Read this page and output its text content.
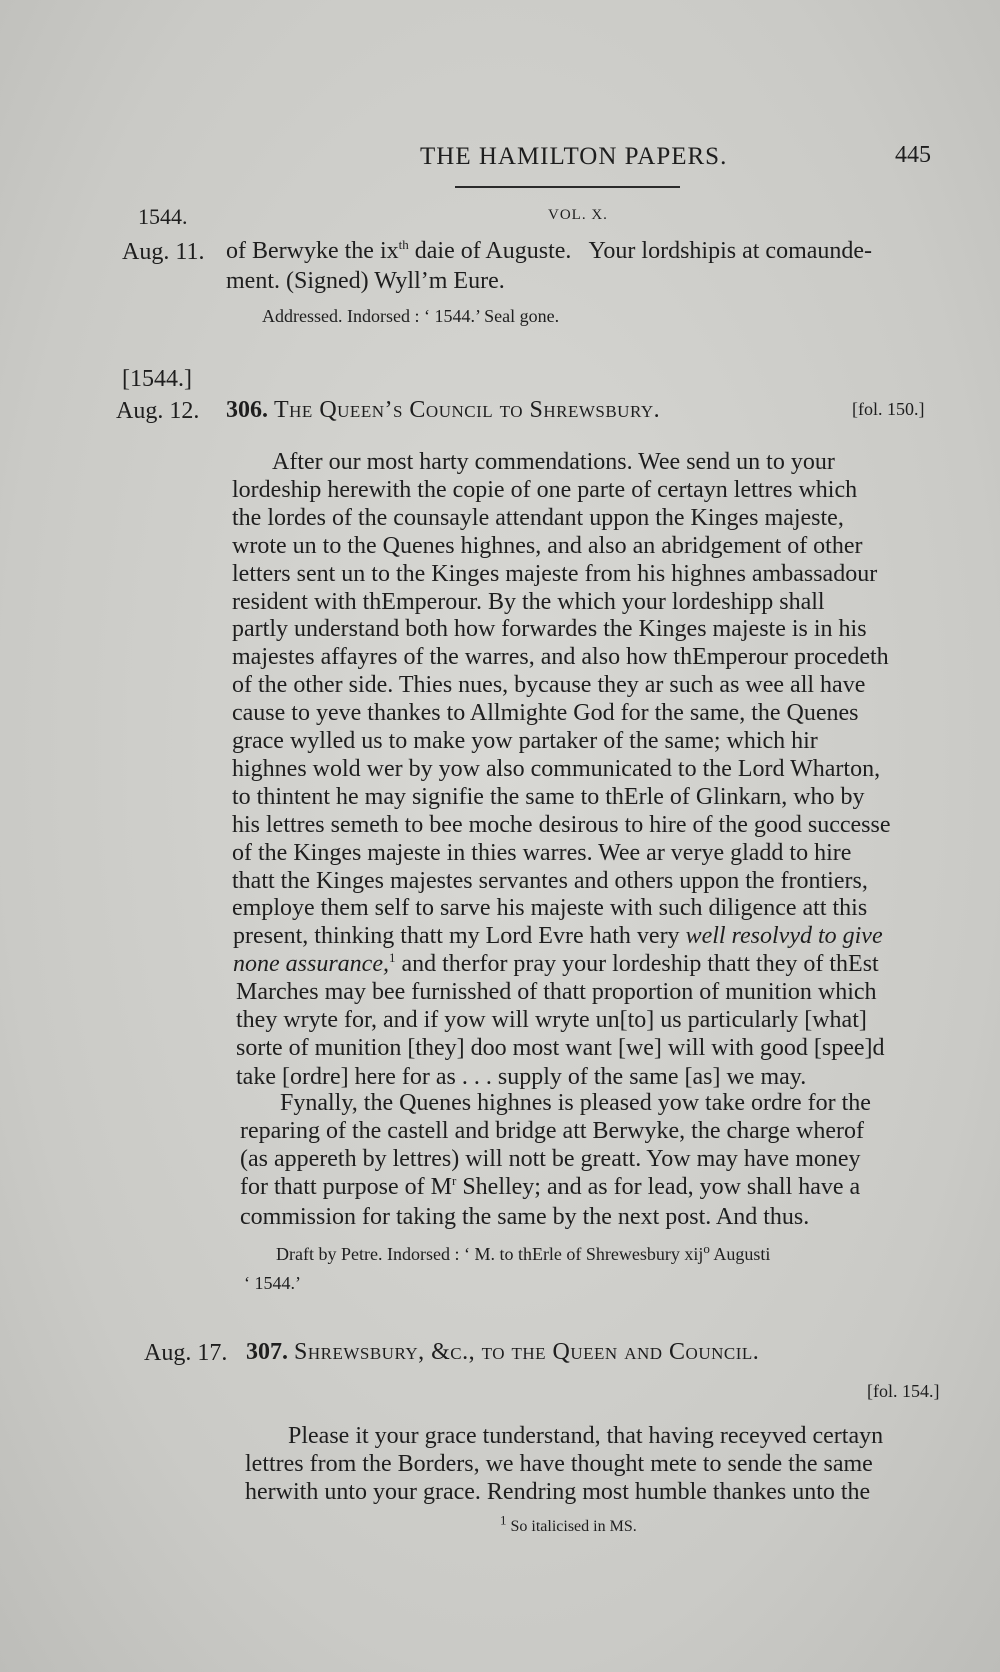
THE HAMILTON PAPERS.	445
1544.	VOL. X.
Aug. 11. of Berwyke the $ix^{th}$ daie of Auguste.   Your lordshipis at comaunde-
ment. (Signed) Wyll’m Eure.
Addressed. Indorsed : ‘ 1544.’ Seal gone.
[1544.]
Aug. 12. 306. The Queen’s Council to Shrewsbury.	[fol. 150.]
After our most harty commendations. Wee send un to your
lordeship herewith the copie of one parte of certayn lettres which
the lordes of the counsayle attendant uppon the Kinges majeste,
wrote un to the Quenes highnes, and also an abridgement of other
letters sent un to the Kinges majeste from his highnes ambassadour
resident with thEmperour. By the which your lordeshipp shall
partly understand both how forwardes the Kinges majeste is in his
majestes affayres of the warres, and also how thEmperour procedeth
of the other side. Thies nues, bycause they ar such as wee all have
cause to yeve thankes to Allmighte God for the same, the Quenes
grace wylled us to make yow partaker of the same; which hir
highnes wold wer by yow also communicated to the Lord Wharton,
to thintent he may signifie the same to thErle of Glinkarn, who by
his lettres semeth to bee moche desirous to hire of the good successe
of the Kinges majeste in thies warres. Wee ar verye gladd to hire
thatt the Kinges majestes servantes and others uppon the frontiers,
employe them self to sarve his majeste with such diligence att this
present, thinking thatt my Lord Evre hath very well resolvyd to give
none assurance,$^1$ and therfor pray your lordeship thatt they of thEst
Marches may bee furnisshed of thatt proportion of munition which
they wryte for, and if yow will wryte un[to] us particularly [what]
sorte of munition [they] doo most want [we] will with good [spee]d
take [ordre] here for as . . . supply of the same [as] we may.
Fynally, the Quenes highnes is pleased yow take ordre for the
reparing of the castell and bridge att Berwyke, the charge wherof
(as appereth by lettres) will nott be greatt. Yow may have money
for thatt purpose of $M^r$ Shelley; and as for lead, yow shall have a
commission for taking the same by the next post. And thus.
Draft by Petre. Indorsed : ‘ M. to thErle of Shrewesbury xij$^o$ Augusti
‘ 1544.’
Aug. 17. 307. Shrewsbury, &c., to the Queen and Council.
[fol. 154.]
Please it your grace tunderstand, that having receyved certayn
lettres from the Borders, we have thought mete to sende the same
herwith unto your grace. Rendring most humble thankes unto the
$^1$ So italicised in MS.
